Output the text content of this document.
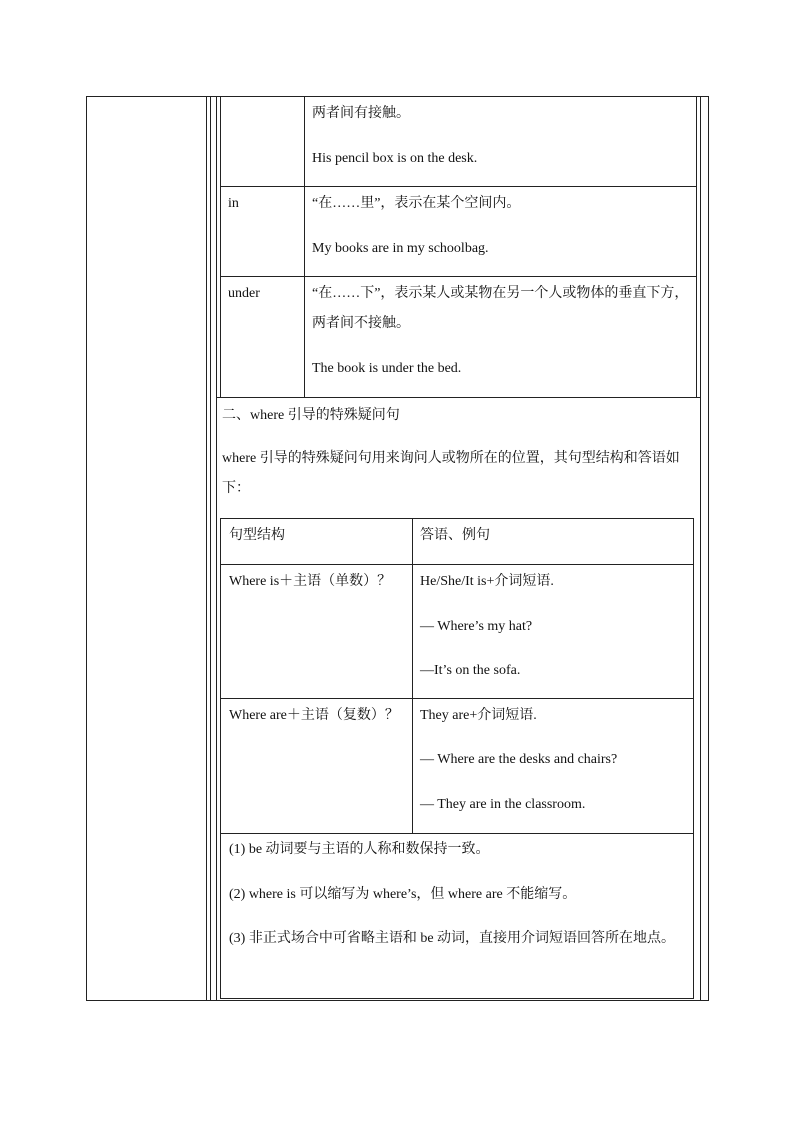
两者间有接触。
His pencil box is on the desk.
in	“在……里”，表示在某个空间内。
My books are in my schoolbag.
under	“在……下”，表示某人或某物在另一个人或物体的垂直下方，两者间不接触。
The book is under the bed.
二、where 引导的特殊疑问句
where 引导的特殊疑问句用来询问人或物所在的位置，其句型结构和答语如下：
句型结构	答语、例句
Where is＋主语（单数）？ He/She/It is+介词短语.
— Where’s my hat?
—It’s on the sofa.
Where are＋主语（复数）？ They are+介词短语.
— Where are the desks and chairs?
— They are in the classroom.
(1) be 动词要与主语的人称和数保持一致。
(2) where is 可以缩写为 where’s，但 where are 不能缩写。
(3) 非正式场合中可省略主语和 be 动词，直接用介词短语回答所在地点。
